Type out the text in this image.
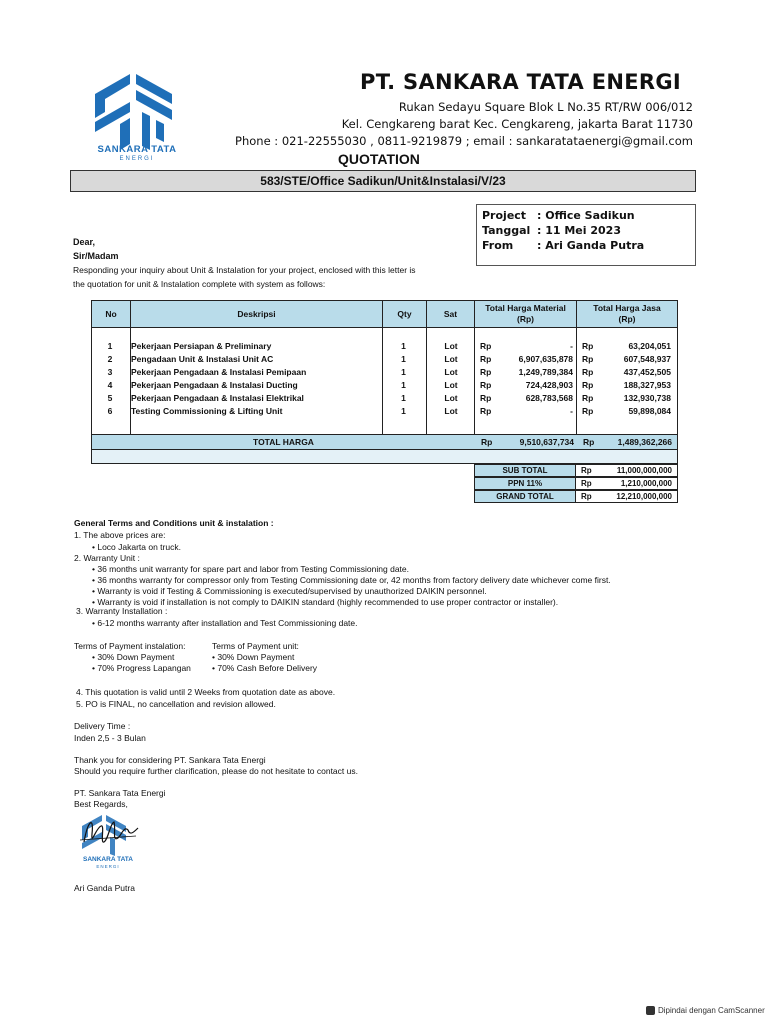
SANKARA TATA
ENERGI
PT. SANKARA TATA ENERGI
Rukan Sedayu Square Blok L No.35 RT/RW 006/012
Kel. Cengkareng barat Kec. Cengkareng, jakarta Barat 11730
Phone : 021-22555030 , 0811-9219879 ; email : sankaratataenergi@gmail.com
QUOTATION
583/STE/Office Sadikun/Unit&Instalasi/V/23
Project : Office Sadikun
Tanggal : 11 Mei 2023
From : Ari Ganda Putra
Dear,
Sir/Madam
Responding your inquiry about Unit & Instalation for your project, enclosed with this letter is
the quotation for unit & Instalation complete with system as follows:
No	Deskripsi	Qty	Sat
Total Harga Material
(Rp)
Total Harga Jasa
(Rp)
1	Pekerjaan Persiapan & Preliminary	1	Lot	Rp	- Rp	63,204,051
2	Pengadaan Unit & Instalasi Unit AC	1	Lot	Rp	6,907,635,878 Rp	607,548,937
3	Pekerjaan Pengadaan & Instalasi Pemipaan	1	Lot	Rp	1,249,789,384 Rp	437,452,505
4	Pekerjaan Pengadaan & Instalasi Ducting	1	Lot	Rp	724,428,903 Rp	188,327,953
5	Pekerjaan Pengadaan & Instalasi Elektrikal	1	Lot	Rp	628,783,568 Rp	132,930,738
6	Testing Commissioning & Lifting Unit	1	Lot	Rp	- Rp	59,898,084
TOTAL HARGA	Rp	9,510,637,734 Rp	1,489,362,266
SUB TOTAL	Rp	11,000,000,000
PPN 11%	Rp	1,210,000,000
GRAND TOTAL	Rp	12,210,000,000
General Terms and Conditions unit & instalation :
1. The above prices are:
• Loco Jakarta on truck.
2. Warranty Unit :
• 36 months unit warranty for spare part and labor from Testing Commissioning date.
• 36 months warranty for compressor only from Testing Commissioning date or, 42 months from factory delivery date whichever come first.
• Warranty is void if Testing & Commissioning is executed/supervised by unauthorized DAIKIN personnel.
• Warranty is void if installation is not comply to DAIKIN standard (highly recommended to use proper contractor or installer).
3. Warranty Installation :
• 6-12 months warranty after installation and Test Commissioning date.
Terms of Payment instalation:
• 30% Down Payment
• 70% Progress Lapangan
Terms of Payment unit:
• 30% Down Payment
• 70% Cash Before Delivery
4. This quotation is valid until 2 Weeks from quotation date as above.
5. PO is FINAL, no cancellation and revision allowed.
Delivery Time :
Inden 2,5 - 3 Bulan
Thank you for considering PT. Sankara Tata Energi
Should you require further clarification, please do not hesitate to contact us.
PT. Sankara Tata Energi
Best Regards,
SANKARA TATA
ENERGI
Ari Ganda Putra
Dipindai dengan CamScanner
